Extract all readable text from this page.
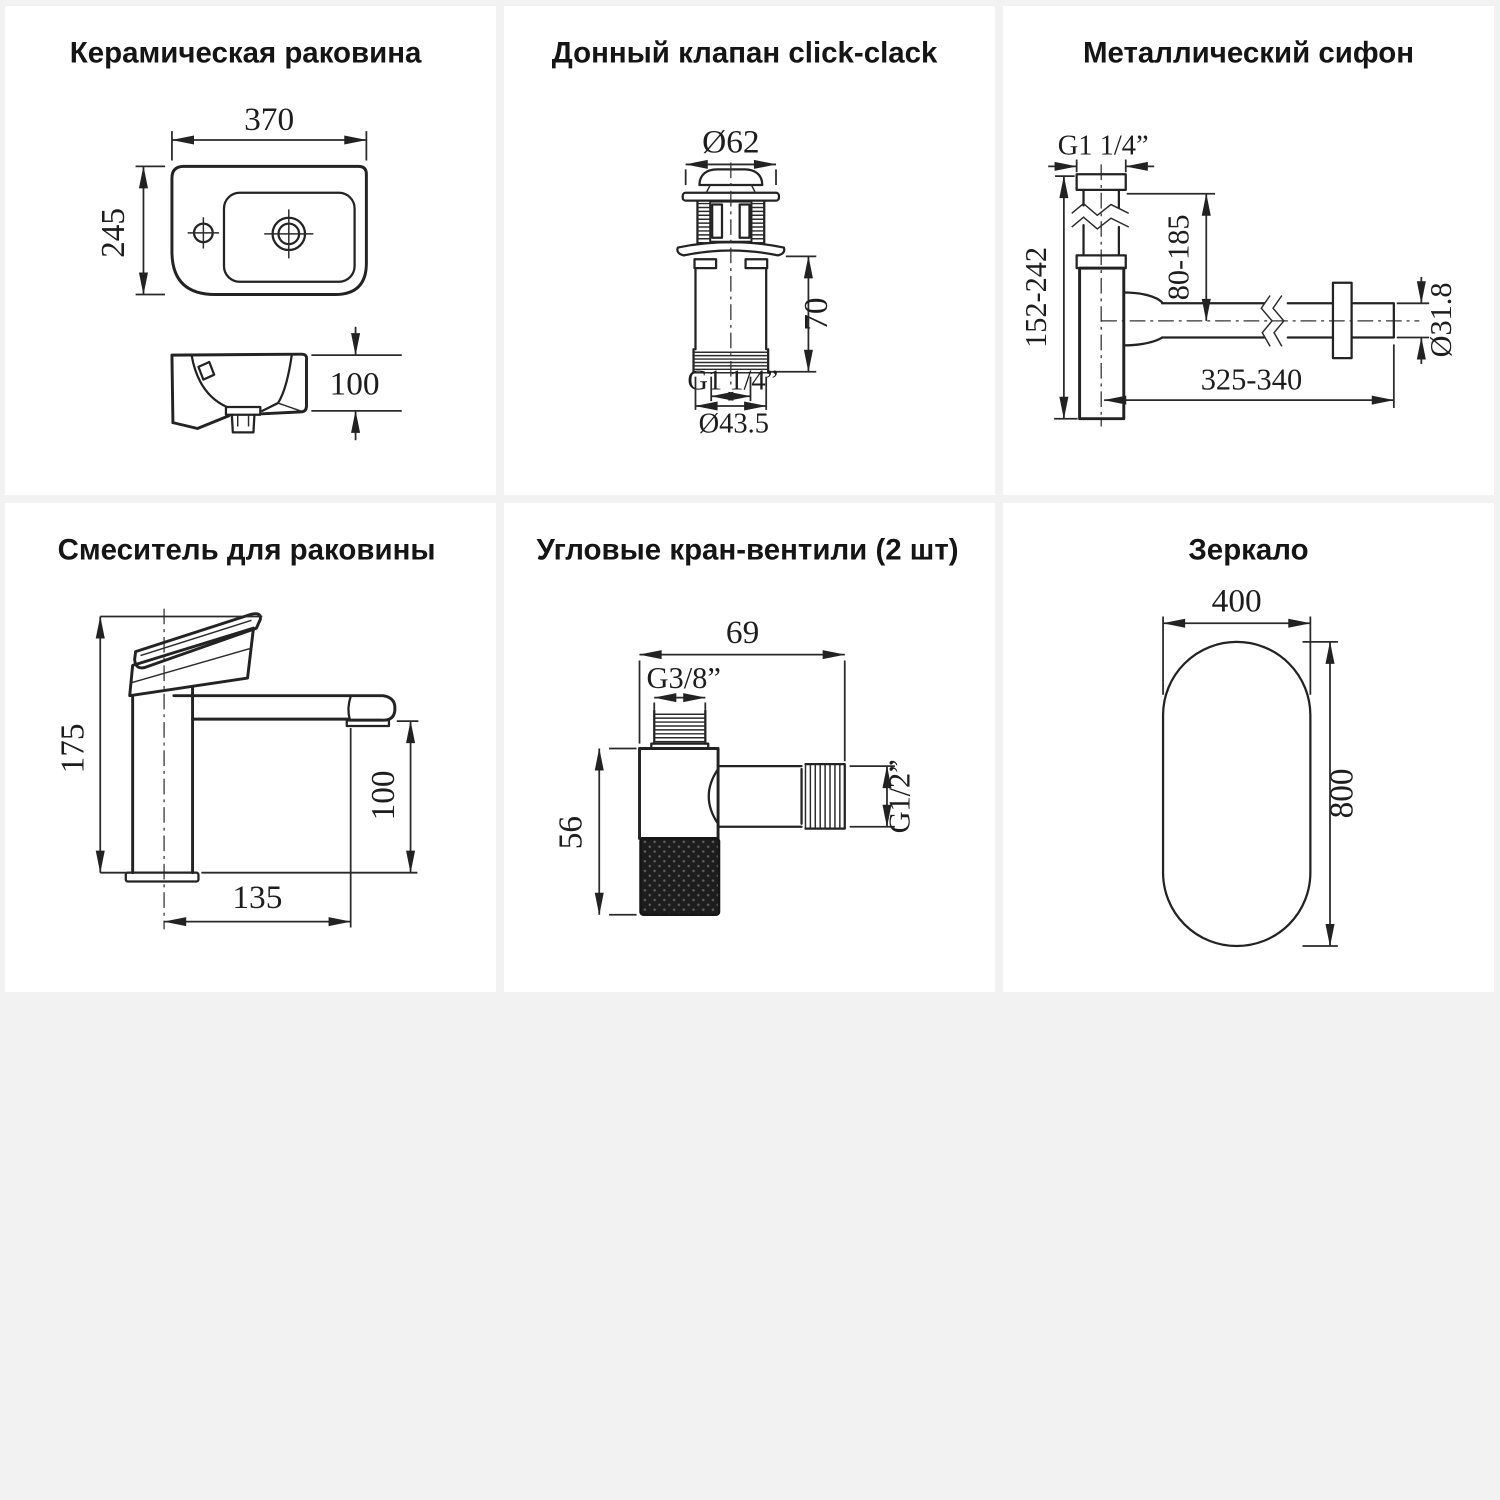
Керамическая раковина
370
245
100
Донный клапан click-clack
Ø62
70
G1 1/4”
Ø43.5
Металлический сифон
G1 1/4”
152-242	80-185
Ø31.8
325-340
Смеситель для раковины
175
100
135
Угловые кран-вентили (2 шт)
69
G3/8”
56	G1/2”
Зеркало
400
800
